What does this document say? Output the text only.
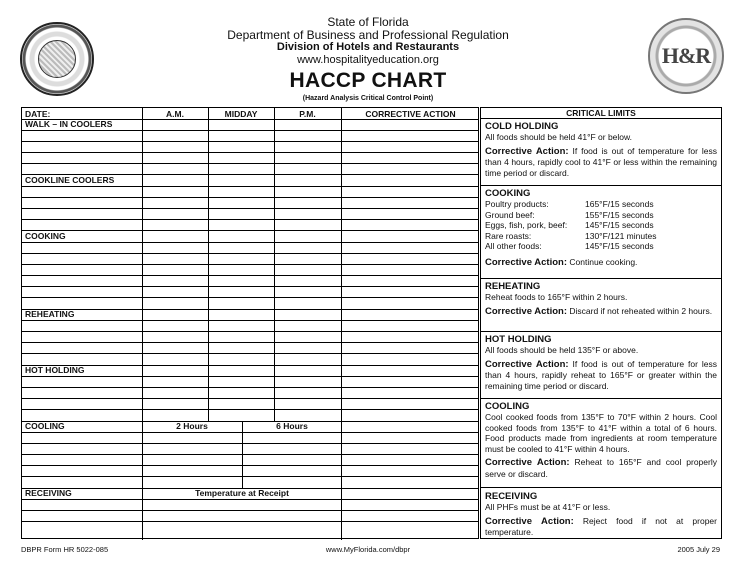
H&R
State of Florida
Department of Business and Professional Regulation
Division of Hotels and Restaurants
www.hospitalityeducation.org
HACCP CHART
(Hazard Analysis Critical Control Point)
DATE:	A.M.	MIDDAY	P.M.	CORRECTIVE ACTION
WALK – IN COOLERS
COOKLINE COOLERS
COOKING
REHEATING
HOT HOLDING
COOLING	2 Hours	6 Hours
RECEIVING	Temperature at Receipt
CRITICAL LIMITS
COLD HOLDING
All foods should be held 41°F or below.
Corrective Action: If food is out of temperature for less than 4 hours, rapidly cool to 41°F or less within the remaining time period or discard.
COOKING
Poultry products:	165°F/15 seconds
Ground beef:	155°F/15 seconds
Eggs, fish, pork, beef:	145°F/15 seconds
Rare roasts:	130°F/121 minutes
All other foods:	145°F/15 seconds
Corrective Action: Continue cooking.
REHEATING
Reheat foods to 165°F within 2 hours.
Corrective Action: Discard if not reheated within 2 hours.
HOT HOLDING
All foods should be held 135°F or above.
Corrective Action: If food is out of temperature for less than 4 hours, rapidly reheat to 165°F or greater within the remaining time period or discard.
COOLING
Cool cooked foods from 135°F to 70°F within 2 hours. Cool cooked foods from 135°F to 41°F within a total of 6 hours. Food products made from ingredients at room temperature must be cooled to 41°F within 4 hours.
Corrective Action: Reheat to 165°F and cool properly serve or discard.
RECEIVING
All PHFs must be at 41°F or less.
Corrective Action: Reject food if not at proper temperature.
DBPR Form HR 5022-085	www.MyFlorida.com/dbpr	2005 July 29
